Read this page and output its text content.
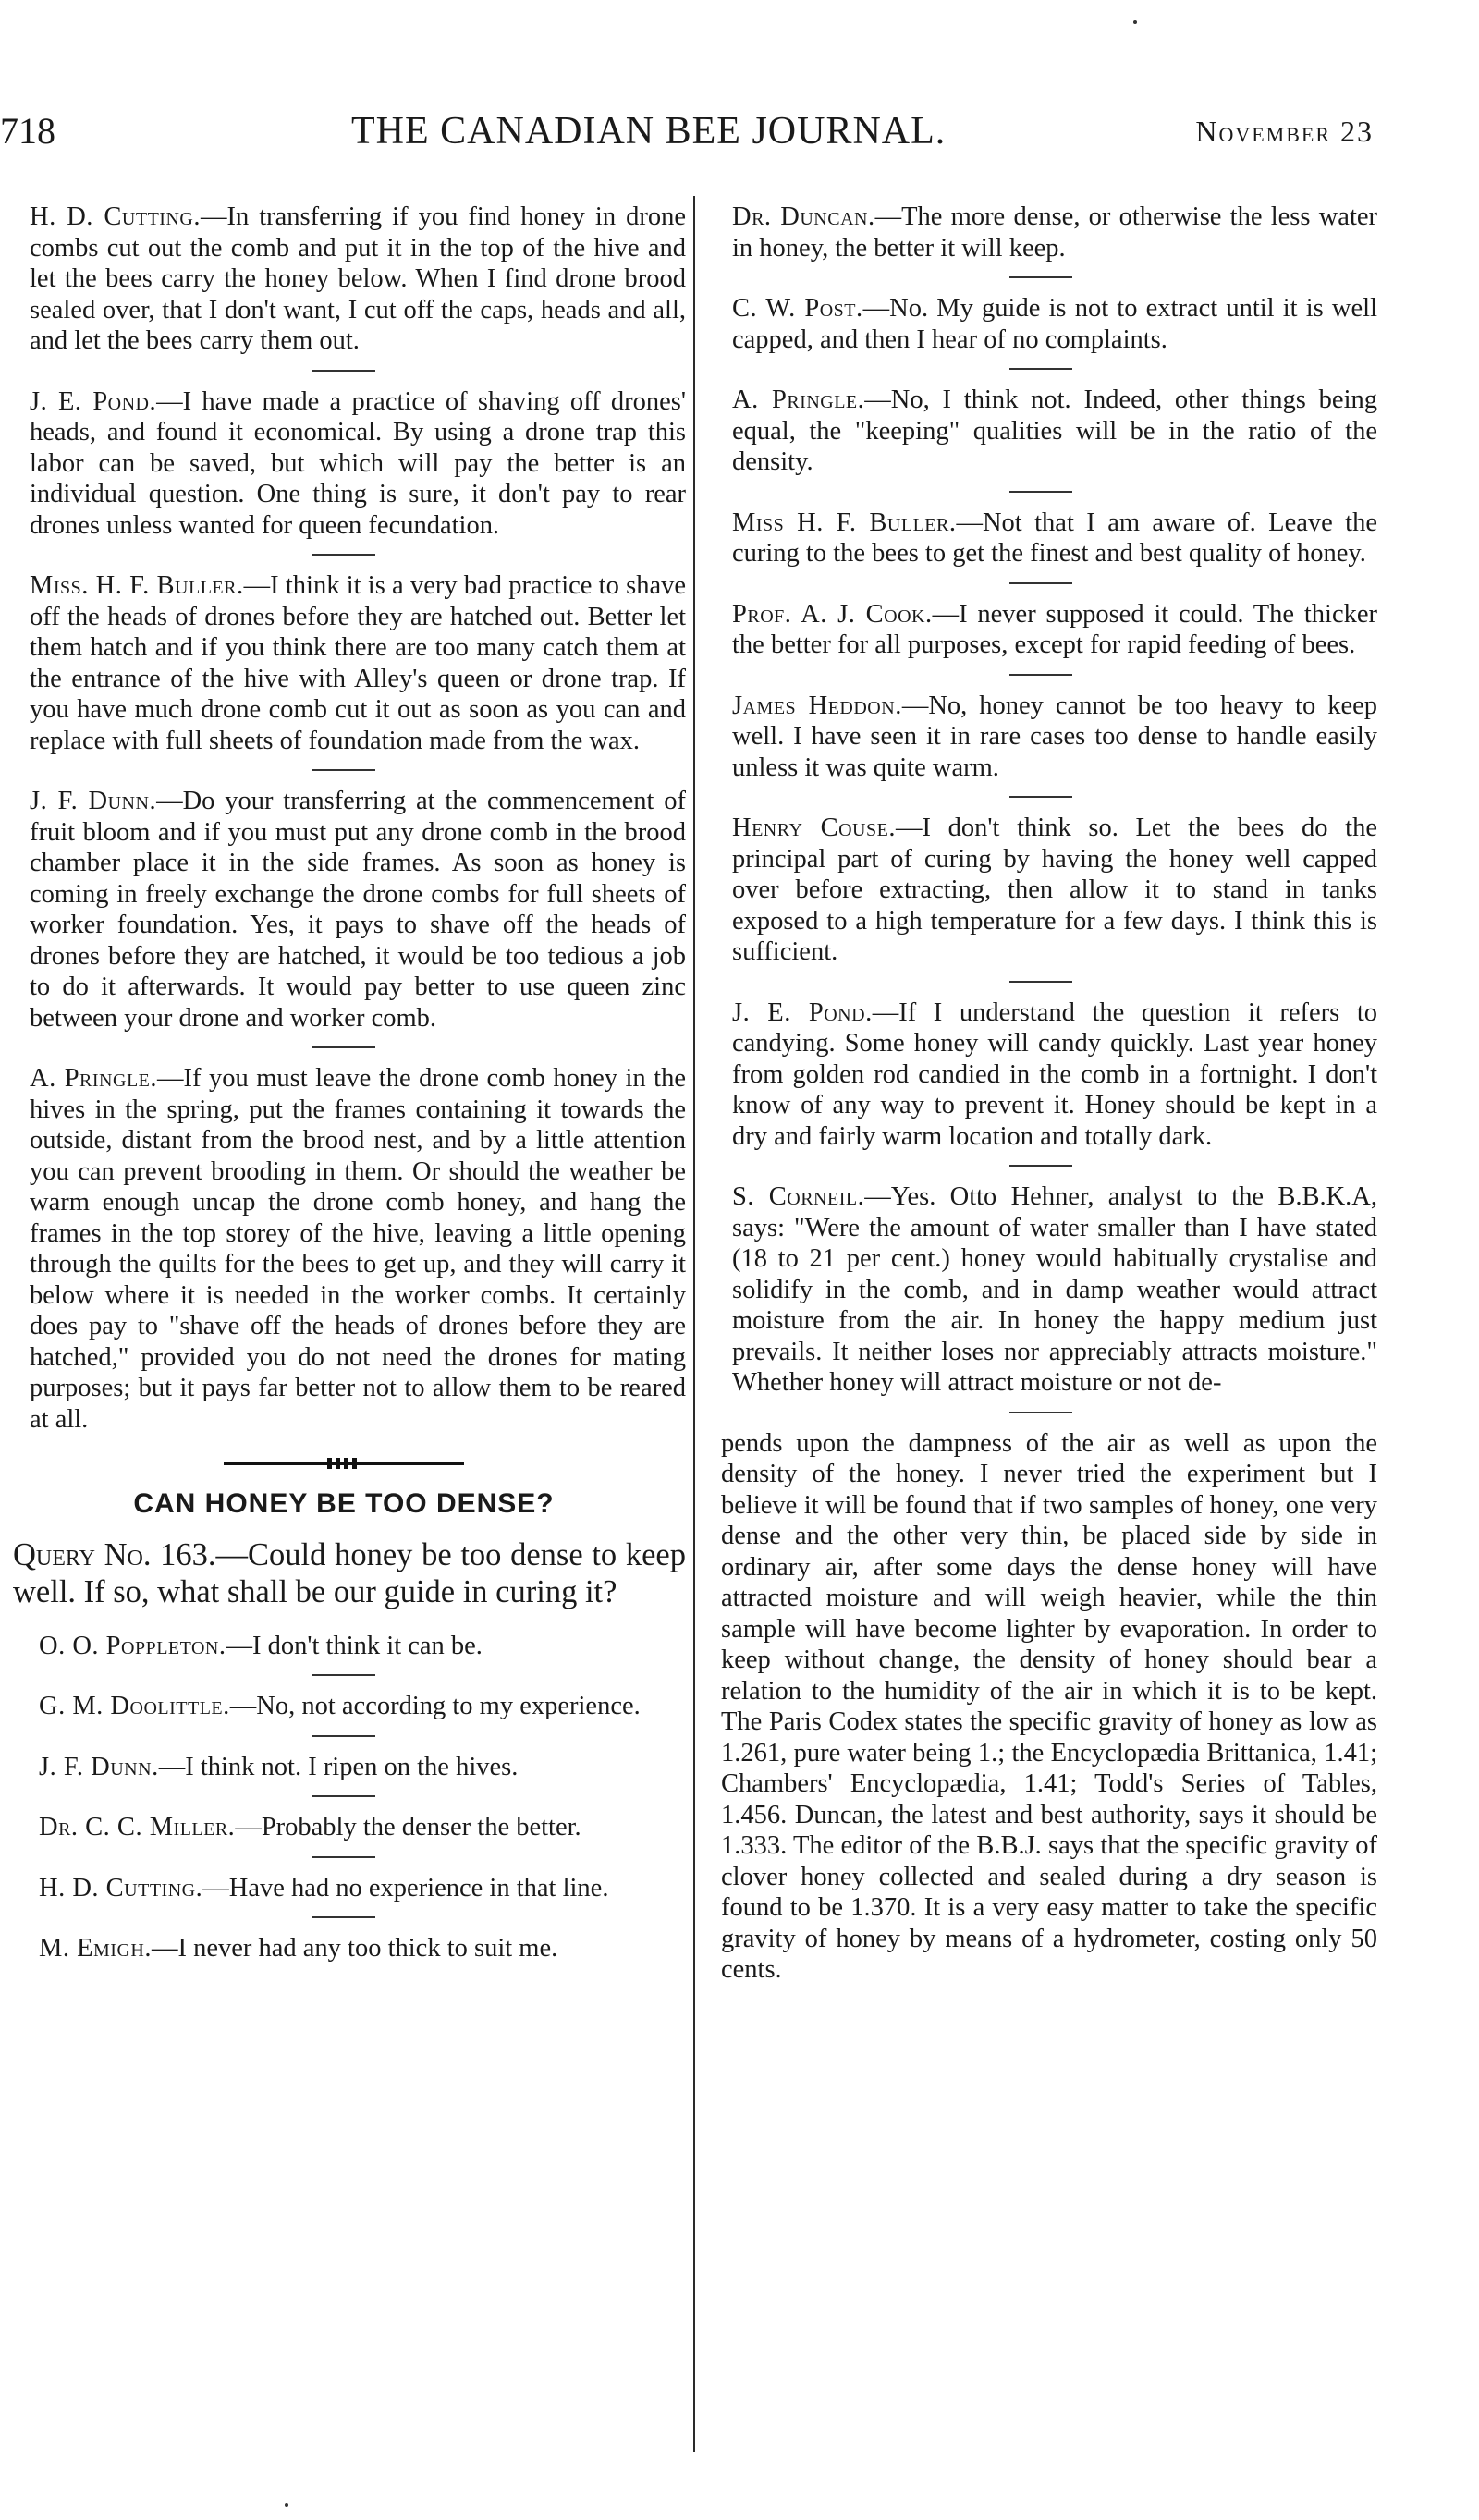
718	THE CANADIAN BEE JOURNAL.	November 23

H. D. Cutting.—In transferring if you find honey in drone combs cut out the comb and put it in the top of the hive and let the bees carry the honey below. When I find drone brood sealed over, that I don't want, I cut off the caps, heads and all, and let the bees carry them out.

J. E. Pond.—I have made a practice of shaving off drones' heads, and found it economical. By using a drone trap this labor can be saved, but which will pay the better is an individual question. One thing is sure, it don't pay to rear drones unless wanted for queen fecundation.

Miss. H. F. Buller.—I think it is a very bad practice to shave off the heads of drones before they are hatched out. Better let them hatch and if you think there are too many catch them at the entrance of the hive with Alley's queen or drone trap. If you have much drone comb cut it out as soon as you can and replace with full sheets of foundation made from the wax.

J. F. Dunn.—Do your transferring at the commencement of fruit bloom and if you must put any drone comb in the brood chamber place it in the side frames. As soon as honey is coming in freely exchange the drone combs for full sheets of worker foundation. Yes, it pays to shave off the heads of drones before they are hatched, it would be too tedious a job to do it afterwards. It would pay better to use queen zinc between your drone and worker comb.

A. Pringle.—If you must leave the drone comb honey in the hives in the spring, put the frames containing it towards the outside, distant from the brood nest, and by a little attention you can prevent brooding in them. Or should the weather be warm enough uncap the drone comb honey, and hang the frames in the top storey of the hive, leaving a little opening through the quilts for the bees to get up, and they will carry it below where it is needed in the worker combs. It certainly does pay to "shave off the heads of drones before they are hatched," provided you do not need the drones for mating purposes; but it pays far better not to allow them to be reared at all.

CAN HONEY BE TOO DENSE?

Query No. 163.—Could honey be too dense to keep well. If so, what shall be our guide in curing it?

O. O. Poppleton.—I don't think it can be.

G. M. Doolittle.—No, not according to my experience.

J. F. Dunn.—I think not. I ripen on the hives.

Dr. C. C. Miller.—Probably the denser the better.

H. D. Cutting.—Have had no experience in that line.

M. Emigh.—I never had any too thick to suit me.

Dr. Duncan.—The more dense, or otherwise the less water in honey, the better it will keep.

C. W. Post.—No. My guide is not to extract until it is well capped, and then I hear of no complaints.

A. Pringle.—No, I think not. Indeed, other things being equal, the "keeping" qualities will be in the ratio of the density.

Miss H. F. Buller.—Not that I am aware of. Leave the curing to the bees to get the finest and best quality of honey.

Prof. A. J. Cook.—I never supposed it could. The thicker the better for all purposes, except for rapid feeding of bees.

James Heddon.—No, honey cannot be too heavy to keep well. I have seen it in rare cases too dense to handle easily unless it was quite warm.

Henry Couse.—I don't think so. Let the bees do the principal part of curing by having the honey well capped over before extracting, then allow it to stand in tanks exposed to a high temperature for a few days. I think this is sufficient.

J. E. Pond.—If I understand the question it refers to candying. Some honey will candy quickly. Last year honey from golden rod candied in the comb in a fortnight. I don't know of any way to prevent it. Honey should be kept in a dry and fairly warm location and totally dark.

S. Corneil.—Yes. Otto Hehner, analyst to the B.B.K.A, says: "Were the amount of water smaller than I have stated (18 to 21 per cent.) honey would habitually crystalise and solidify in the comb, and in damp weather would attract moisture from the air. In honey the happy medium just prevails. It neither loses nor appreciably attracts moisture." Whether honey will attract moisture or not de-

pends upon the dampness of the air as well as upon the density of the honey. I never tried the experiment but I believe it will be found that if two samples of honey, one very dense and the other very thin, be placed side by side in ordinary air, after some days the dense honey will have attracted moisture and will weigh heavier, while the thin sample will have become lighter by evaporation. In order to keep without change, the density of honey should bear a relation to the humidity of the air in which it is to be kept. The Paris Codex states the specific gravity of honey as low as 1.261, pure water being 1.; the Encyclopædia Brittanica, 1.41; Chambers' Encyclopædia, 1.41; Todd's Series of Tables, 1.456. Duncan, the latest and best authority, says it should be 1.333. The editor of the B.B.J. says that the specific gravity of clover honey collected and sealed during a dry season is found to be 1.370. It is a very easy matter to take the specific gravity of honey by means of a hydrometer, costing only 50 cents.
